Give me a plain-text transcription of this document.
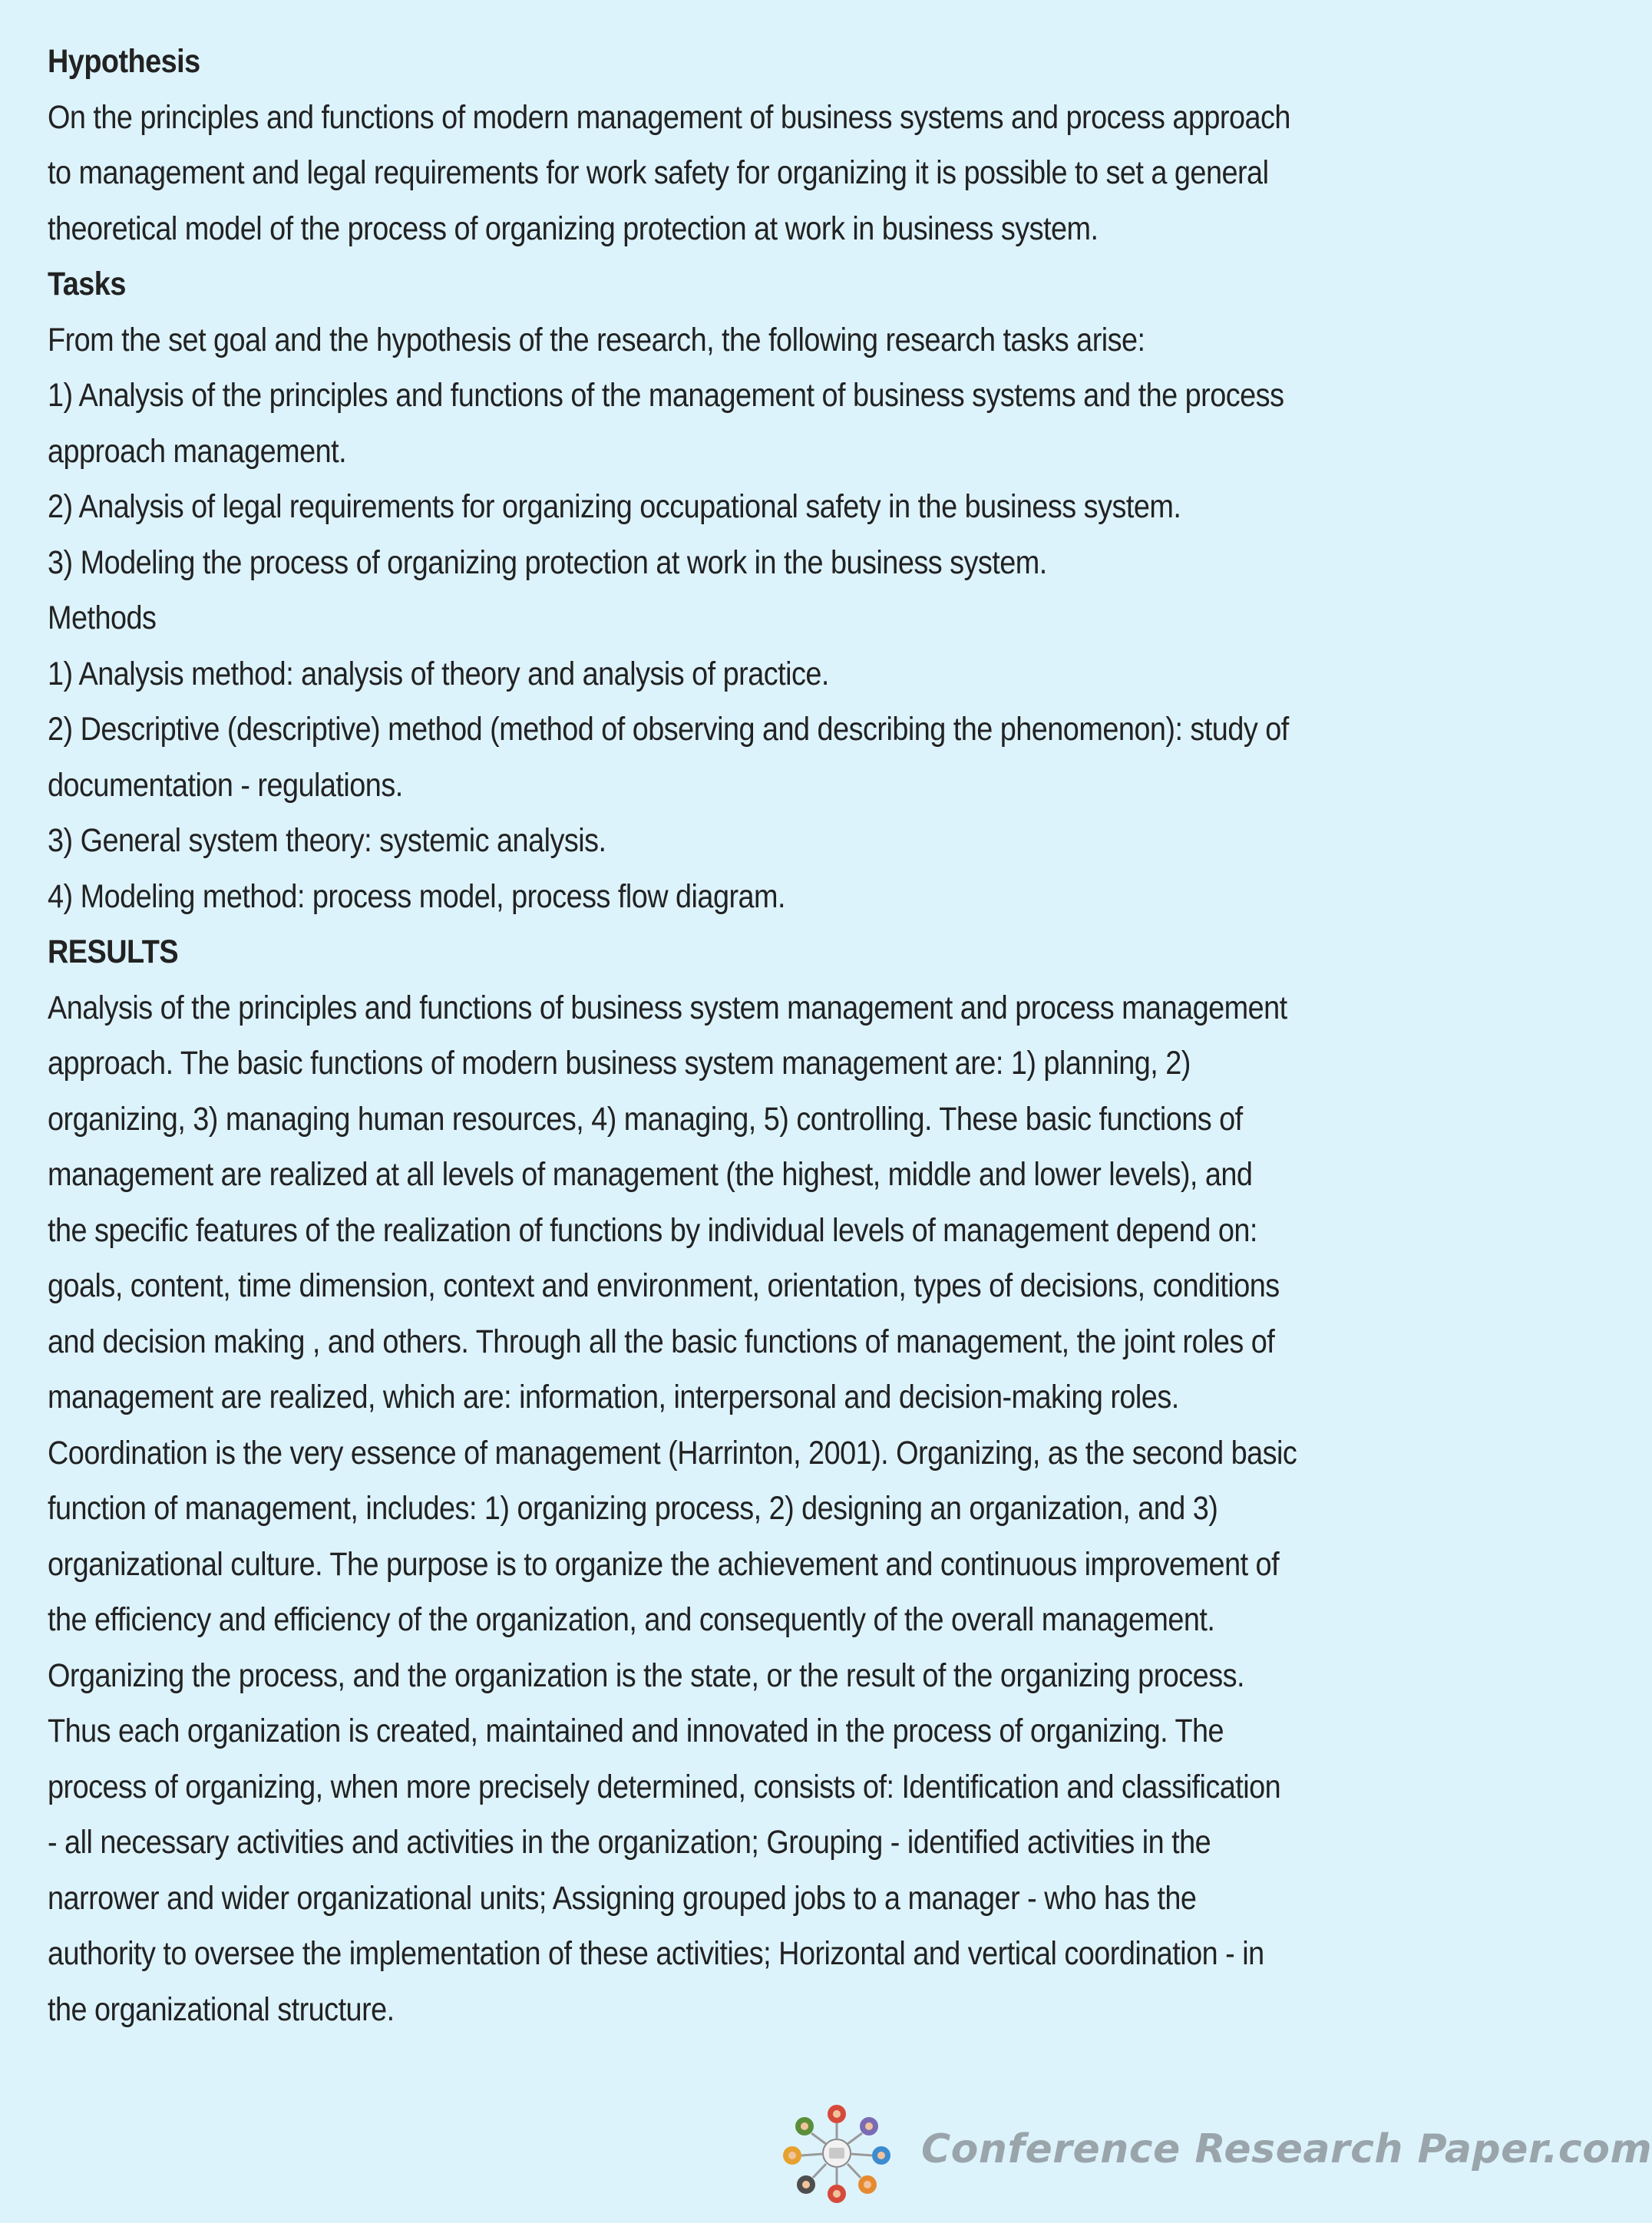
Hypothesis
On the principles and functions of modern management of business systems and process approach
to management and legal requirements for work safety for organizing it is possible to set a general
theoretical model of the process of organizing protection at work in business system.
Tasks
From the set goal and the hypothesis of the research, the following research tasks arise:
1) Analysis of the principles and functions of the management of business systems and the process
approach management.
2) Analysis of legal requirements for organizing occupational safety in the business system.
3) Modeling the process of organizing protection at work in the business system.
Methods
1) Analysis method: analysis of theory and analysis of practice.
2) Descriptive (descriptive) method (method of observing and describing the phenomenon): study of
documentation - regulations.
3) General system theory: systemic analysis.
4) Modeling method: process model, process flow diagram.
RESULTS
Analysis of the principles and functions of business system management and process management
approach. The basic functions of modern business system management are: 1) planning, 2)
organizing, 3) managing human resources, 4) managing, 5) controlling. These basic functions of
management are realized at all levels of management (the highest, middle and lower levels), and
the specific features of the realization of functions by individual levels of management depend on:
goals, content, time dimension, context and environment, orientation, types of decisions, conditions
and decision making , and others. Through all the basic functions of management, the joint roles of
management are realized, which are: information, interpersonal and decision-making roles.
Coordination is the very essence of management (Harrinton, 2001). Organizing, as the second basic
function of management, includes: 1) organizing process, 2) designing an organization, and 3)
organizational culture. The purpose is to organize the achievement and continuous improvement of
the efficiency and efficiency of the organization, and consequently of the overall management.
Organizing the process, and the organization is the state, or the result of the organizing process.
Thus each organization is created, maintained and innovated in the process of organizing. The
process of organizing, when more precisely determined, consists of: Identification and classification
- all necessary activities and activities in the organization; Grouping - identified activities in the
narrower and wider organizational units; Assigning grouped jobs to a manager - who has the
authority to oversee the implementation of these activities; Horizontal and vertical coordination - in
the organizational structure.
Conference Research Paper.com
